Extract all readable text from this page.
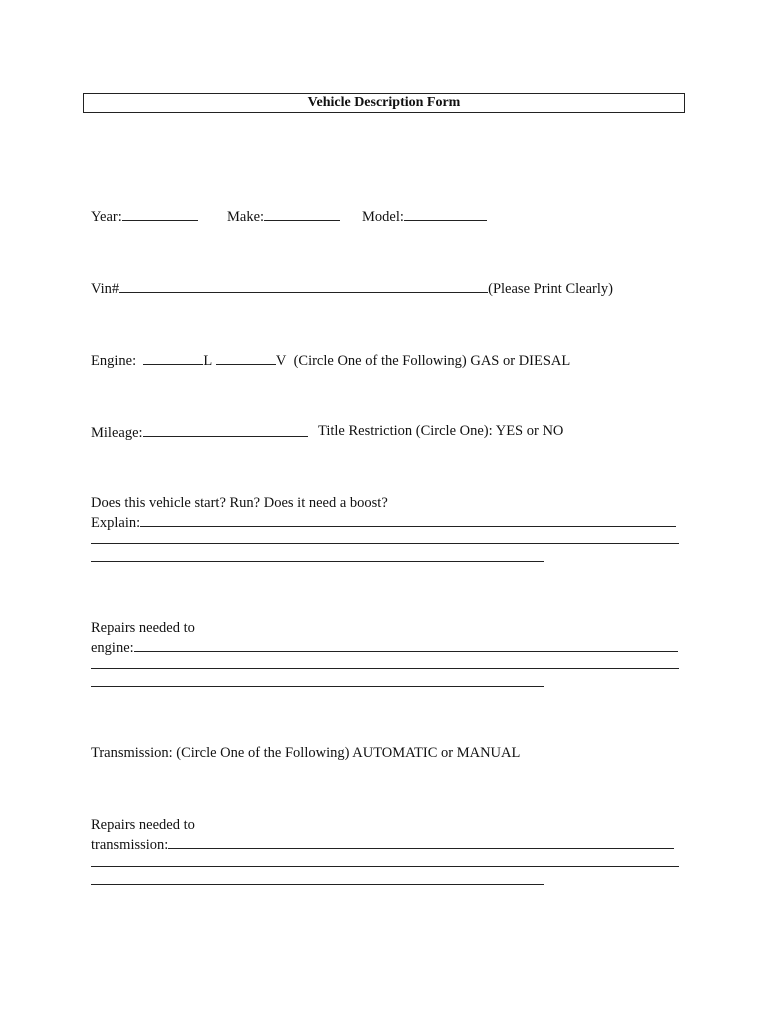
Vehicle Description Form
Year:	Make:	Model:
Vin#	(Please Print Clearly)
Engine:	L	V (Circle One of the Following) GAS or DIESAL
Mileage:	Title Restriction (Circle One): YES or NO
Does this vehicle start? Run? Does it need a boost?
Explain:
Repairs needed to
engine:
Transmission: (Circle One of the Following) AUTOMATIC or MANUAL
Repairs needed to
transmission:
